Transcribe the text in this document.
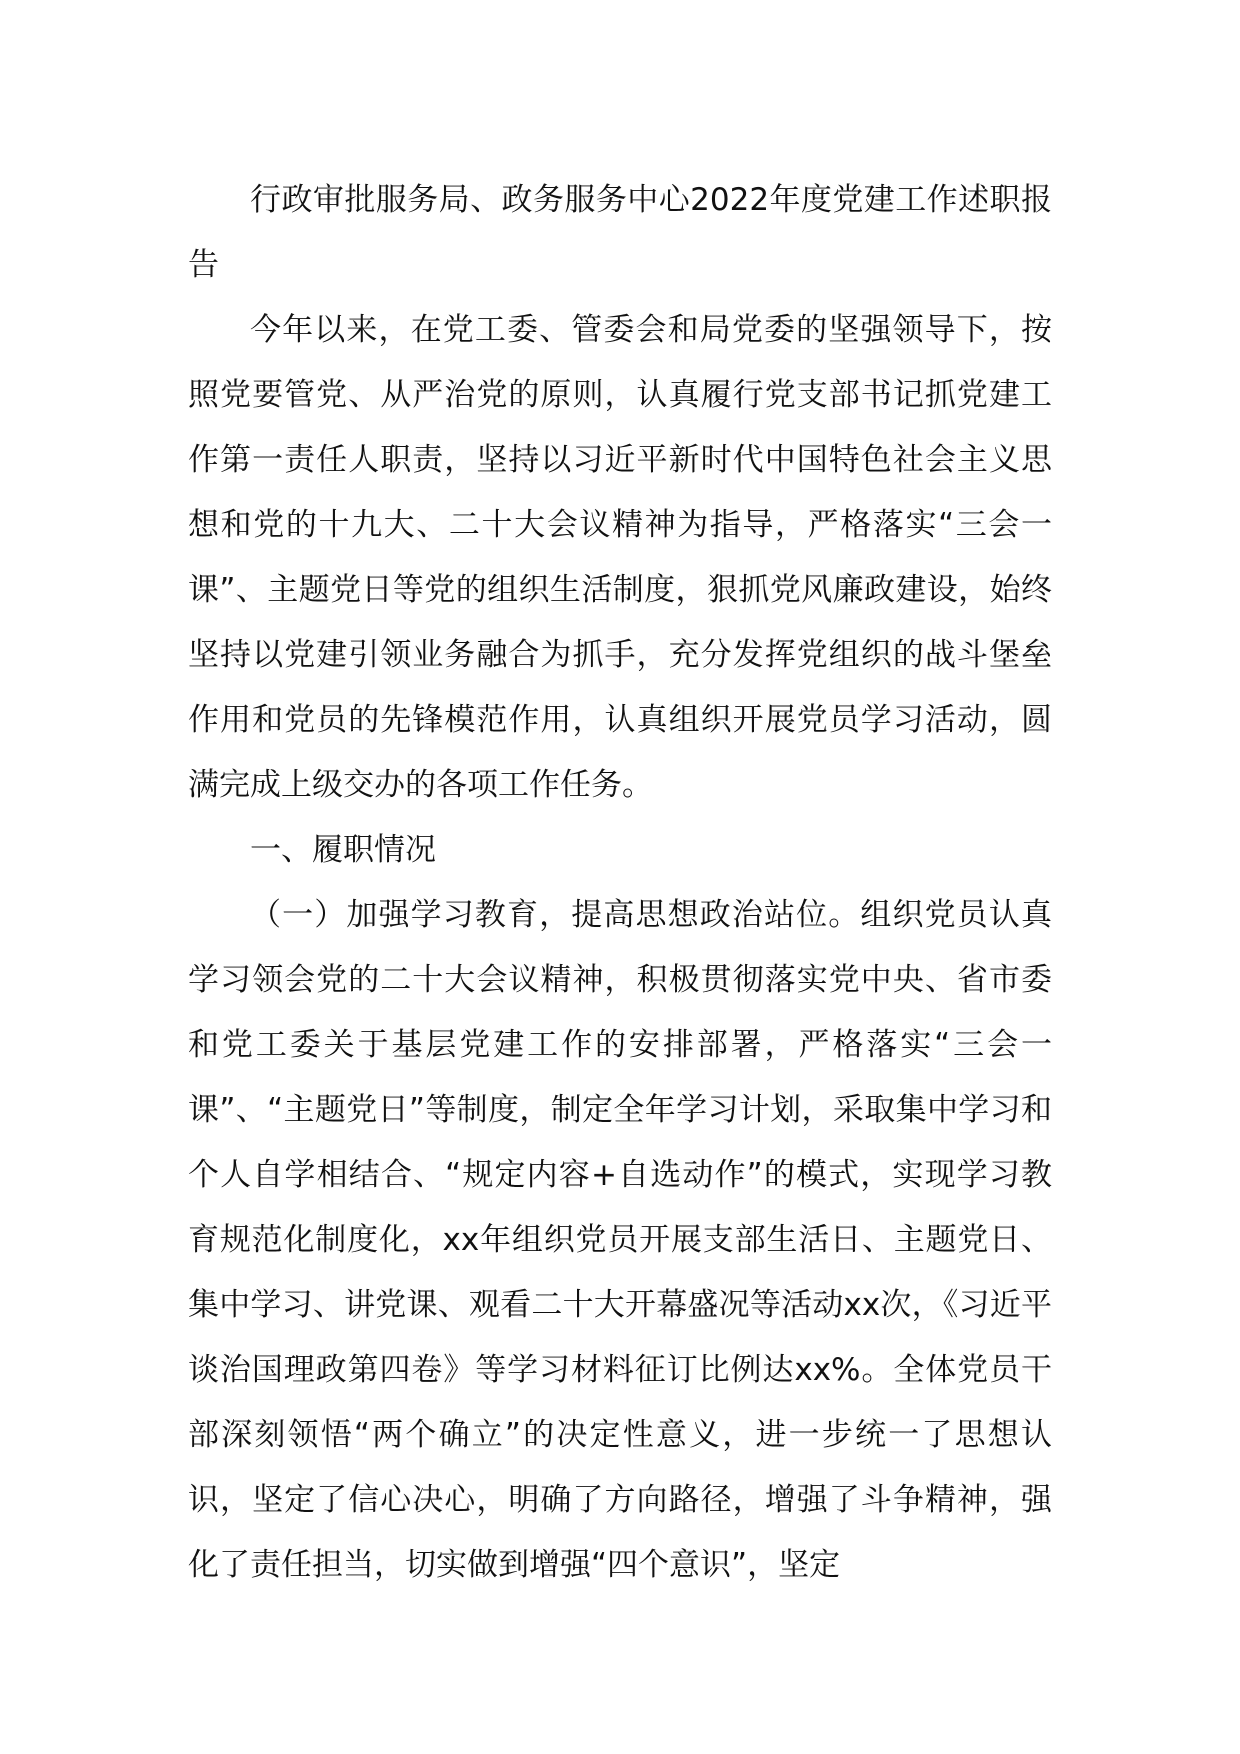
行政审批服务局、政务服务中心2022年度党建工作述职报告

今年以来，在党工委、管委会和局党委的坚强领导下，按照党要管党、从严治党的原则，认真履行党支部书记抓党建工作第一责任人职责，坚持以习近平新时代中国特色社会主义思想和党的十九大、二十大会议精神为指导，严格落实“三会一课”、主题党日等党的组织生活制度，狠抓党风廉政建设，始终坚持以党建引领业务融合为抓手，充分发挥党组织的战斗堡垒作用和党员的先锋模范作用，认真组织开展党员学习活动，圆满完成上级交办的各项工作任务。

一、履职情况

（一）加强学习教育，提高思想政治站位。组织党员认真学习领会党的二十大会议精神，积极贯彻落实党中央、省市委和党工委关于基层党建工作的安排部署，严格落实“三会一课”、“主题党日”等制度，制定全年学习计划，采取集中学习和个人自学相结合、“规定内容+自选动作”的模式，实现学习教育规范化制度化，xx年组织党员开展支部生活日、主题党日、集中学习、讲党课、观看二十大开幕盛况等活动xx次，《习近平谈治国理政第四卷》等学习材料征订比例达xx%。全体党员干部深刻领悟“两个确立”的决定性意义，进一步统一了思想认识，坚定了信心决心，明确了方向路径，增强了斗争精神，强化了责任担当，切实做到增强“四个意识”，坚定
